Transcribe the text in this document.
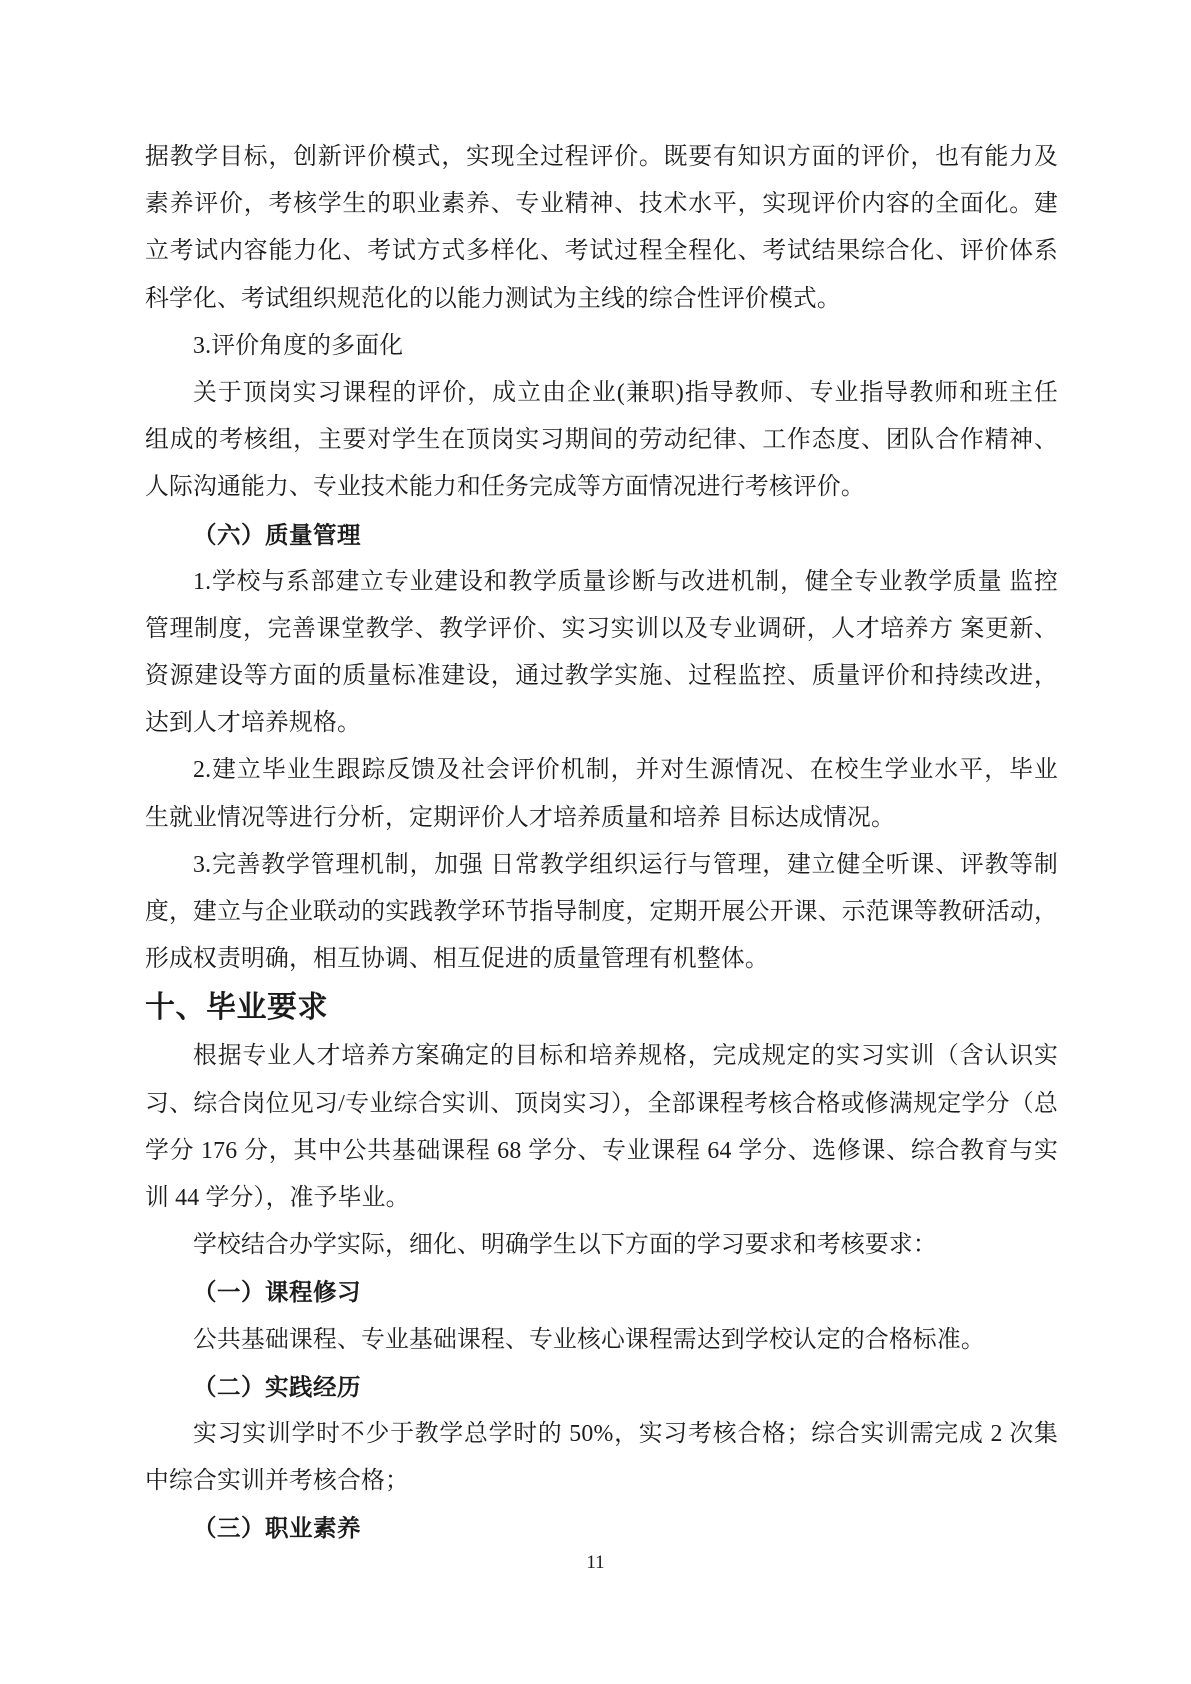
据教学目标，创新评价模式，实现全过程评价。既要有知识方面的评价，也有能力及
素养评价，考核学生的职业素养、专业精神、技术水平，实现评价内容的全面化。建
立考试内容能力化、考试方式多样化、考试过程全程化、考试结果综合化、评价体系
科学化、考试组织规范化的以能力测试为主线的综合性评价模式。
3.评价角度的多面化
关于顶岗实习课程的评价，成立由企业(兼职)指导教师、专业指导教师和班主任
组成的考核组，主要对学生在顶岗实习期间的劳动纪律、工作态度、团队合作精神、
人际沟通能力、专业技术能力和任务完成等方面情况进行考核评价。
（六）质量管理
1.学校与系部建立专业建设和教学质量诊断与改进机制，健全专业教学质量 监控
管理制度，完善课堂教学、教学评价、实习实训以及专业调研，人才培养方 案更新、
资源建设等方面的质量标准建设，通过教学实施、过程监控、质量评价和持续改进，
达到人才培养规格。
2.建立毕业生跟踪反馈及社会评价机制，并对生源情况、在校生学业水平，毕业
生就业情况等进行分析，定期评价人才培养质量和培养 目标达成情况。
3.完善教学管理机制，加强 日常教学组织运行与管理，建立健全听课、评教等制
度，建立与企业联动的实践教学环节指导制度，定期开展公开课、示范课等教研活动，
形成权责明确，相互协调、相互促进的质量管理有机整体。
十、毕业要求
根据专业人才培养方案确定的目标和培养规格，完成规定的实习实训（含认识实
习、综合岗位见习/专业综合实训、顶岗实习），全部课程考核合格或修满规定学分（总
学分 176 分，其中公共基础课程 68 学分、专业课程 64 学分、选修课、综合教育与实
训 44 学分），准予毕业。
学校结合办学实际，细化、明确学生以下方面的学习要求和考核要求：
（一）课程修习
公共基础课程、专业基础课程、专业核心课程需达到学校认定的合格标准。
（二）实践经历
实习实训学时不少于教学总学时的 50%，实习考核合格；综合实训需完成 2 次集
中综合实训并考核合格；
（三）职业素养
11
